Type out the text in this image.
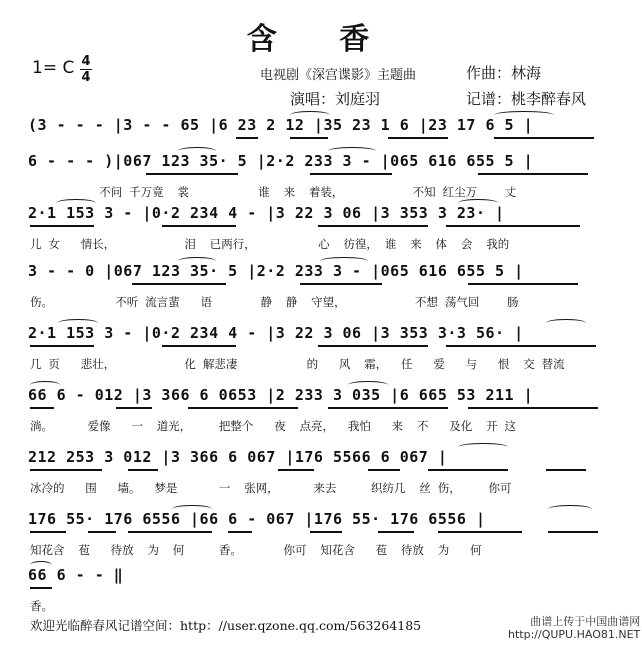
含 香
1= C 4
4	电视剧《深宫谍影》主题曲	作曲：林海
演唱：刘庭羽	记谱：桃李醉春风
(3 - - - |3 - - 65 |6 23 2 12 |35 23 1 6 |23 17 6 5 |
6 - - - )|067 123 35· 5 |2·2 233 3 - |065 616 655 5 |
不问 千万竟  裳          谁  来  着装，          不知 红尘万    丈
2·1 153 3 - |0·2 234 4 - |3 22 3 06 |3 353 3 23· |
儿 女   情长，          泪  已两行，         心  彷徨， 谁  来  体  会  我的
3 - - 0 |067 123 35· 5 |2·2 233 3 - |065 616 655 5 |
伤。         不听 流言蜚   语       静  静  守望，          不想 荡气回    肠
2·1 153 3 - |0·2 234 4 - |3 22 3 06 |3 353 3·3 56· |
几 页   悲壮，          化 解悲凄          的   风  霜，  任   爱   与   恨  交 替流
66 6 - 012 |3 366 6 0653 |2 233 3 035 |6 665 53 211 |
淌。     爱像   一  道光，    把整个   夜  点亮，  我怕   来  不   及化  开 这
212 253 3 012 |3 366 6 067 |176 5566 6 067 |
冰冷的   围   墙。  梦是      一  张网，     来去     织纺几  丝 伤，    你可
176 55· 176 6556 |66 6 - 067 |176 55· 176 6556 |
知花含  苞   待放  为  何     香。      你可  知花含   苞  待放  为   何
66 6 - - ‖
香。
欢迎光临醉春风记谱空间：http：//user.qzone.qq.com/563264185	曲谱上传于中国曲谱网
http://QUPU.HAO81.NET
